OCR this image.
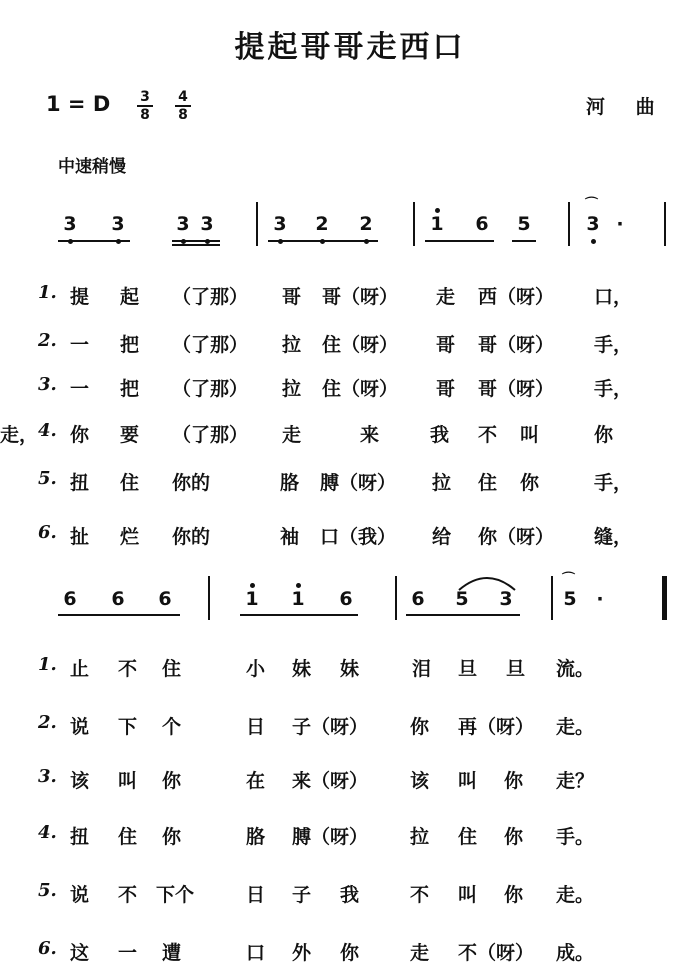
提起哥哥走西口
1 = D 3
8
4
8	河 曲
中速稍慢
3 3	3 3	3 2 2	1 6 5	3
⌒
·
6 6 6	1 1 6	6 5 3	5
⌒
·
1. 提 起 （了那） 哥 哥（呀） 走 西（呀） 口，
2. 一 把 （了那） 拉 住（呀） 哥 哥（呀） 手，
3. 一 把 （了那） 拉 住（呀） 哥 哥（呀） 手，
4. 你 要 （了那） 走	来	我 不 叫	你
走，
5. 扭 住 你的	胳 膊（呀） 拉 住 你	手，
6. 扯 烂 你的	袖 口（我） 给 你（呀） 缝，
1. 止 不 住	小 妹 妹	泪 旦 旦 流。
2. 说 下 个	日 子（呀） 你 再（呀） 走。
3. 该 叫 你	在 来（呀） 该 叫 你 走？
4. 扭 住 你	胳 膊（呀） 拉 住 你 手。
5. 说 不 下个	日 子 我	不 叫 你 走。
6. 这 一 遭	口 外 你	走 不（呀） 成。
